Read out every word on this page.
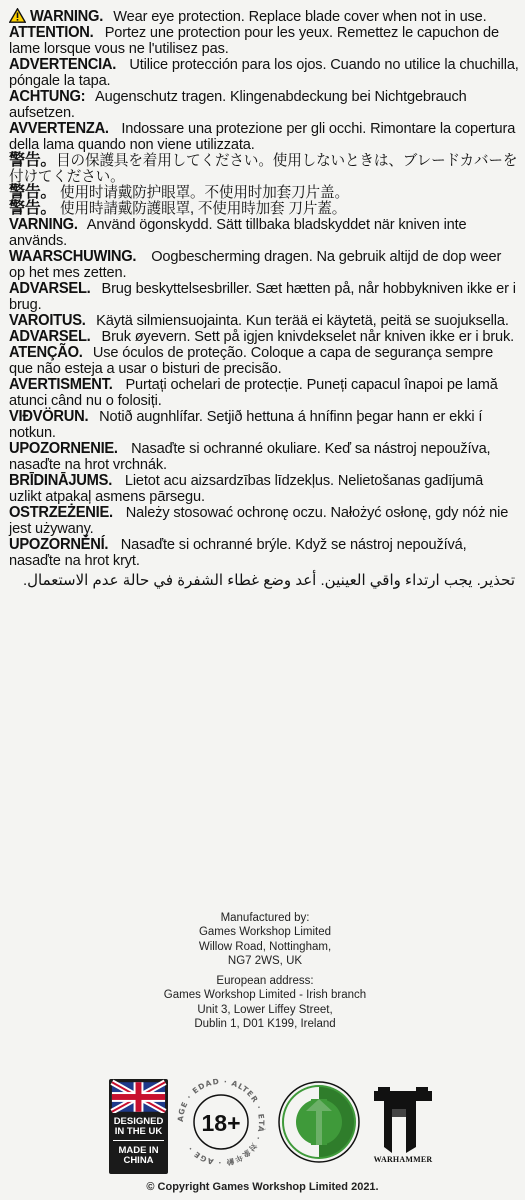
WARNING. Wear eye protection. Replace blade cover when not in use.

ATTENTION. Portez une protection pour les yeux. Remettez le capuchon de lame lorsque vous ne l'utilisez pas.

ADVERTENCIA. Utilice protección para los ojos. Cuando no utilice la chuchilla, póngale la tapa.

ACHTUNG: Augenschutz tragen. Klingenabdeckung bei Nichtgebrauch aufsetzen.

AVVERTENZA. Indossare una protezione per gli occhi. Rimontare la copertura della lama quando non viene utilizzata.

警告。目の保護具を着用してください。使用しないときは、ブレードカバーを付けてください。

警告。 使用时请戴防护眼罩。不使用时加套刀片盖。

警告。 使用時請戴防護眼罩, 不使用時加套 刀片蓋。

VARNING. Använd ögonskydd. Sätt tillbaka bladskyddet när kniven inte används.

WAARSCHUWING. Oogbescherming dragen. Na gebruik altijd de dop weer op het mes zetten.

ADVARSEL. Brug beskyttelsesbriller. Sæt hætten på, når hobbykniven ikke er i brug.

VAROITUS. Käytä silmiensuojainta. Kun terää ei käytetä, peitä se suojuksella.

ADVARSEL. Bruk øyevern. Sett på igjen knivdekselet når kniven ikke er i bruk.

ATENÇÃO. Use óculos de proteção. Coloque a capa de segurança sempre que não esteja a usar o bisturi de precisão.

AVERTISMENT. Purtați ochelari de protecție. Puneți capacul înapoi pe lamă atunci când nu o folosiți.

VIÐVÖRUN. Notið augnhlífar. Setjið hettuna á hnífinn þegar hann er ekki í notkun.

UPOZORNENIE. Nasaďte si ochranné okuliare. Keď sa nástroj nepoužíva, nasaďte na hrot vrchnák.

BRĪDINĀJUMS. Lietot acu aizsardzības līdzekļus. Nelietošanas gadījumā uzlikt atpakaļ asmens pārsegu.

OSTRZEŻENIE. Należy stosować ochronę oczu. Nałożyć osłonę, gdy nóż nie jest używany.

UPOZORNĚNÍ. Nasaďte si ochranné brýle. Když se nástroj nepoužívá, nasaďte na hrot kryt.

تحذير. يجب ارتداء واقي العينين. أعد وضع غطاء الشفرة في حالة عدم الاستعمال.

Manufactured by:

Games Workshop Limited

Willow Road, Nottingham,

NG7 2WS, UK

European address:

Games Workshop Limited - Irish branch

Unit 3, Lower Liffey Street,

Dublin 1, D01 K199, Ireland

DESIGNED
IN THE UK
MADE IN
CHINA
AGE · EDAD · ALTER · ETÀ · 対象年齢 · AGE ·
18+
WARHAMMER
© Copyright Games Workshop Limited 2021.
